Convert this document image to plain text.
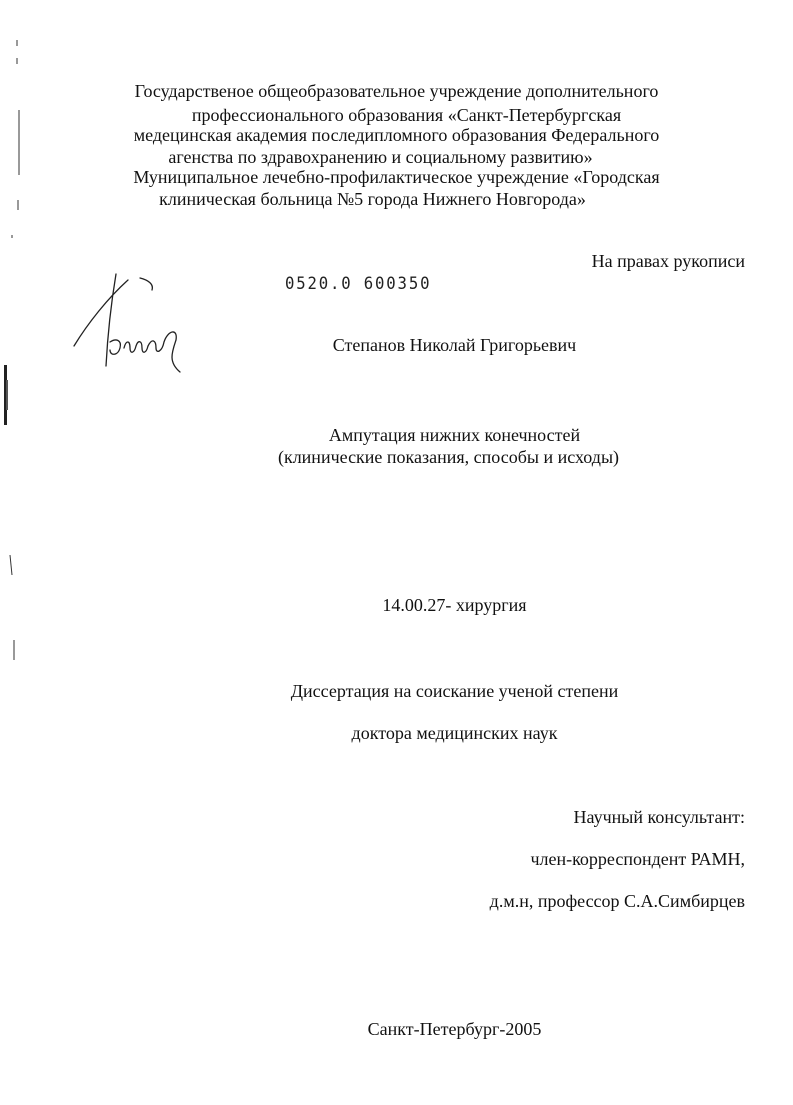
Государственое общеобразовательное учреждение дополнительного
профессионального образования «Санкт-Петербургская
медецинская академия последипломного образования Федерального
агенства по здравохранению и социальному развитию»
Муниципальное лечебно-профилактическое учреждение «Городская
клиническая больница №5 города Нижнего Новгорода»
На правах рукописи
0520.0 600350
Степанов Николай Григорьевич
Ампутация нижних конечностей
(клинические показания, способы и исходы)
14.00.27- хирургия
Диссертация на соискание ученой степени
доктора медицинских наук
Научный консультант:
член-корреспондент РАМН,
д.м.н, профессор С.А.Симбирцев
Санкт-Петербург-2005
